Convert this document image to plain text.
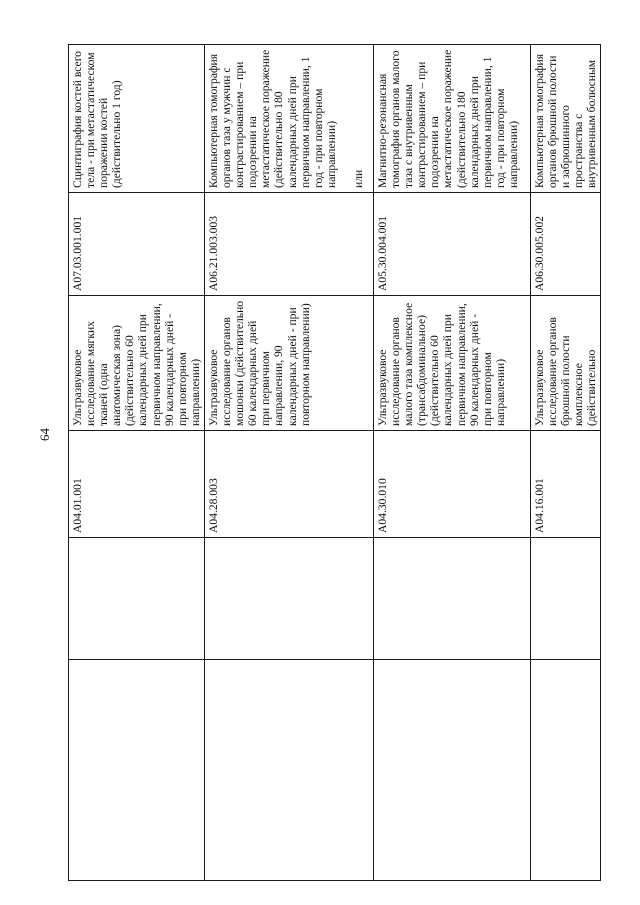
64
		A04.01.001	Ультразвуковое исследование мягких тканей (одна анатомическая зона) (действительно 60 календарных дней при первичном направлении, 90 календарных дней - при повторном направлении)	A07.03.001.001	Сцинтиграфия костей всего тела - при метастатическом поражении костей (действительно 1 год)
		A04.28.003	Ультразвуковое исследование органов мошонки (действительно 60 календарных дней при первичном направлении, 90 календарных дней - при повторном направлении)	A06.21.003.003	Компьютерная томография органов таза у мужчин с контрастированием – при подозрении на метастатическое поражение (действительно 180 календарных дней при первичном направлении, 1 год - при повторном направлении) или

		A04.30.010	Ультразвуковое исследование органов малого таза комплексное (трансабдоминальное) (действительно 60 календарных дней при первичном направлении, 90 календарных дней - при повторном направлении)	A05.30.004.001	Магнитно-резонансная томография органов малого таза с внутривенным контрастированием – при подозрении на метастатическое поражение (действительно 180 календарных дней при первичном направлении, 1 год - при повторном направлении)
		A04.16.001	Ультразвуковое исследование органов брюшной полости комплексное (действительно	A06.30.005.002	Компьютерная томография органов брюшной полости и забрюшинного пространства с внутривенным болюсным
